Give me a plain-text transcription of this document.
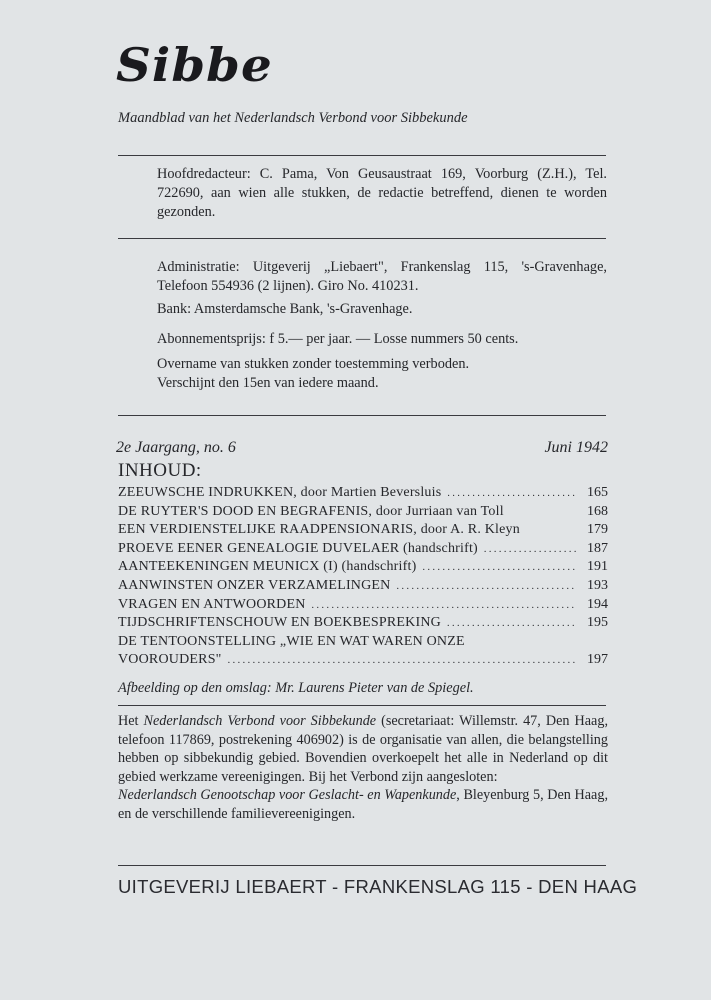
Sibbe
Maandblad van het Nederlandsch Verbond voor Sibbekunde

Hoofdredacteur: C. Pama, Von Geusaustraat 169, Voorburg (Z.H.), Tel. 722690, aan wien alle stukken, de redactie betreffend, dienen te worden gezonden.

Administratie: Uitgeverij „Liebaert", Frankenslag 115, 's-Gravenhage, Telefoon 554936 (2 lijnen). Giro No. 410231.

Bank: Amsterdamsche Bank, 's-Gravenhage.

Abonnementsprijs: f 5.— per jaar. — Losse nummers 50 cents.

Overname van stukken zonder toestemming verboden.

Verschijnt den 15en van iedere maand.

2e Jaargang, no. 6	Juni 1942
INHOUD:
ZEEUWSCHE INDRUKKEN, door Martien Beversluis . . .	165
DE RUYTER'S DOOD EN BEGRAFENIS, door Jurriaan van Toll	168
EEN VERDIENSTELIJKE RAADPENSIONARIS, door A. R. Kleyn	179
PROEVE EENER GENEALOGIE DUVELAER (handschrift) . . .	187
AANTEEKENINGEN MEUNICX (I) (handschrift) . . .	191
AANWINSTEN ONZER VERZAMELINGEN . . .	193
VRAGEN EN ANTWOORDEN . . .	194
TIJDSCHRIFTENSCHOUW EN BOEKBESPREKING . . .	195
DE TENTOONSTELLING „WIE EN WAT WAREN ONZE
VOOROUDERS" . . .	197
Afbeelding op den omslag: Mr. Laurens Pieter van de Spiegel.
Het Nederlandsch Verbond voor Sibbekunde (secretariaat: Willemstr. 47, Den Haag, telefoon 117869, postrekening 406902) is de organisatie van allen, die belangstelling hebben op sibbekundig gebied. Bovendien overkoepelt het alle in Nederland op dit gebied werkzame vereenigingen. Bij het Verbond zijn aangesloten:
Nederlandsch Genootschap voor Geslacht- en Wapenkunde, Bleyenburg 5, Den Haag, en de verschillende familievereenigingen.
UITGEVERIJ LIEBAERT - FRANKENSLAG 115 - DEN HAAG
